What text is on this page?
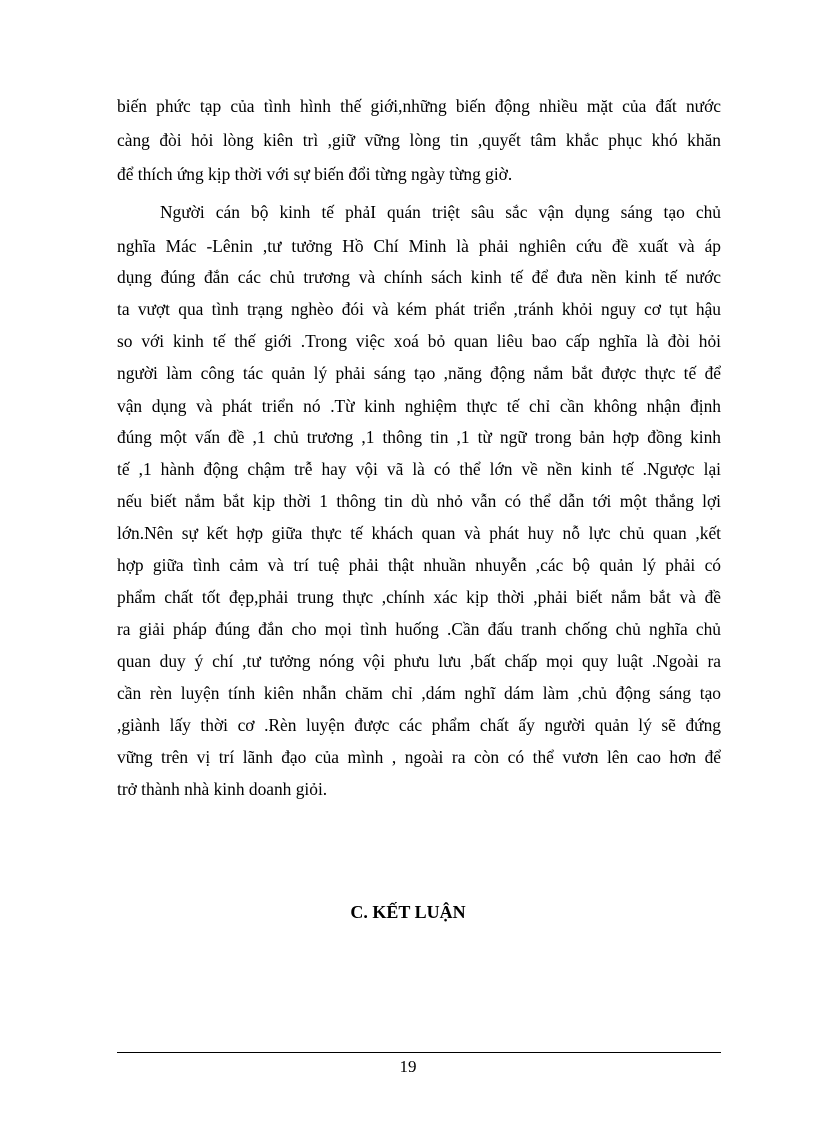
biến phức tạp của tình hình thế giới,những biến động nhiều mặt của đất nước
càng đòi hỏi lòng kiên trì ,giữ vững lòng tin ,quyết tâm khắc phục khó khăn
để thích ứng kịp thời với sự biến đổi từng ngày từng giờ.
Người cán bộ kinh tế phảI quán triệt sâu sắc vận dụng sáng tạo chủ
nghĩa Mác -Lênin ,tư tưởng Hồ Chí Minh là phải nghiên cứu đề xuất và áp
dụng đúng đắn các chủ trương và chính sách kinh tế để đưa nền kinh tế nước
ta vượt qua tình trạng nghèo đói và kém phát triển ,tránh khỏi nguy cơ tụt hậu
so với kinh tế thế giới .Trong việc xoá bỏ quan liêu bao cấp nghĩa là đòi hỏi
người làm công tác quản lý phải sáng tạo ,năng động nắm bắt được thực tế để
vận dụng và phát triển nó .Từ kinh nghiệm thực tế chỉ cần không nhận định
đúng một vấn đề ,1 chủ trương ,1 thông tin ,1 từ ngữ trong bản hợp đồng kinh
tế ,1 hành động chậm trễ hay vội vã là có thể lớn về nền kinh tế .Ngược lại
nếu biết nắm bắt kịp thời 1 thông tin dù nhỏ vẫn có thể dẫn tới một thắng lợi
lớn.Nên sự kết hợp giữa thực tế khách quan và phát huy nỗ lực chủ quan ,kết
hợp giữa tình cảm và trí tuệ phải thật nhuần nhuyễn ,các bộ quản lý phải có
phẩm chất tốt đẹp,phải trung thực ,chính xác kịp thời ,phải biết nắm bắt và đề
ra giải pháp đúng đắn cho mọi tình huống .Cần đấu tranh chống chủ nghĩa chủ
quan duy ý chí ,tư tưởng nóng vội phưu lưu ,bất chấp mọi quy luật .Ngoài ra
cần rèn luyện tính kiên nhẫn chăm chỉ ,dám nghĩ dám làm ,chủ động sáng tạo
,giành lấy thời cơ .Rèn luyện được các phẩm chất ấy người quản lý sẽ đứng
vững trên vị trí lãnh đạo của mình , ngoài ra còn có thể vươn lên cao hơn để
trở thành nhà kinh doanh giỏi.
C. KẾT LUẬN
19
